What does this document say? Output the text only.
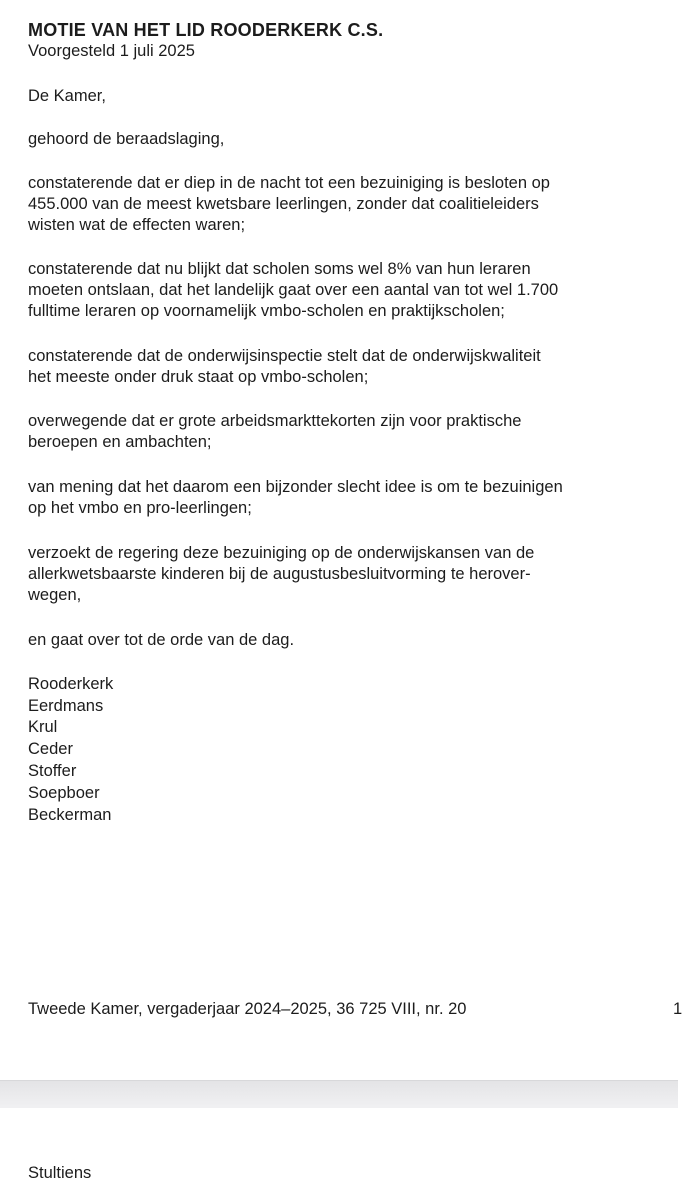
MOTIE VAN HET LID ROODERKERK C.S.
Voorgesteld 1 juli 2025
De Kamer,
gehoord de beraadslaging,
constaterende dat er diep in de nacht tot een bezuiniging is besloten op
455.000 van de meest kwetsbare leerlingen, zonder dat coalitieleiders
wisten wat de effecten waren;
constaterende dat nu blijkt dat scholen soms wel 8% van hun leraren
moeten ontslaan, dat het landelijk gaat over een aantal van tot wel 1.700
fulltime leraren op voornamelijk vmbo-scholen en praktijkscholen;
constaterende dat de onderwijsinspectie stelt dat de onderwijskwaliteit
het meeste onder druk staat op vmbo-scholen;
overwegende dat er grote arbeidsmarkttekorten zijn voor praktische
beroepen en ambachten;
van mening dat het daarom een bijzonder slecht idee is om te bezuinigen
op het vmbo en pro-leerlingen;
verzoekt de regering deze bezuiniging op de onderwijskansen van de
allerkwetsbaarste kinderen bij de augustusbesluitvorming te herover-
wegen,
en gaat over tot de orde van de dag.
Rooderkerk
Eerdmans
Krul
Ceder
Stoffer
Soepboer
Beckerman
Tweede Kamer, vergaderjaar 2024–2025, 36 725 VIII, nr. 20	1
Stultiens
